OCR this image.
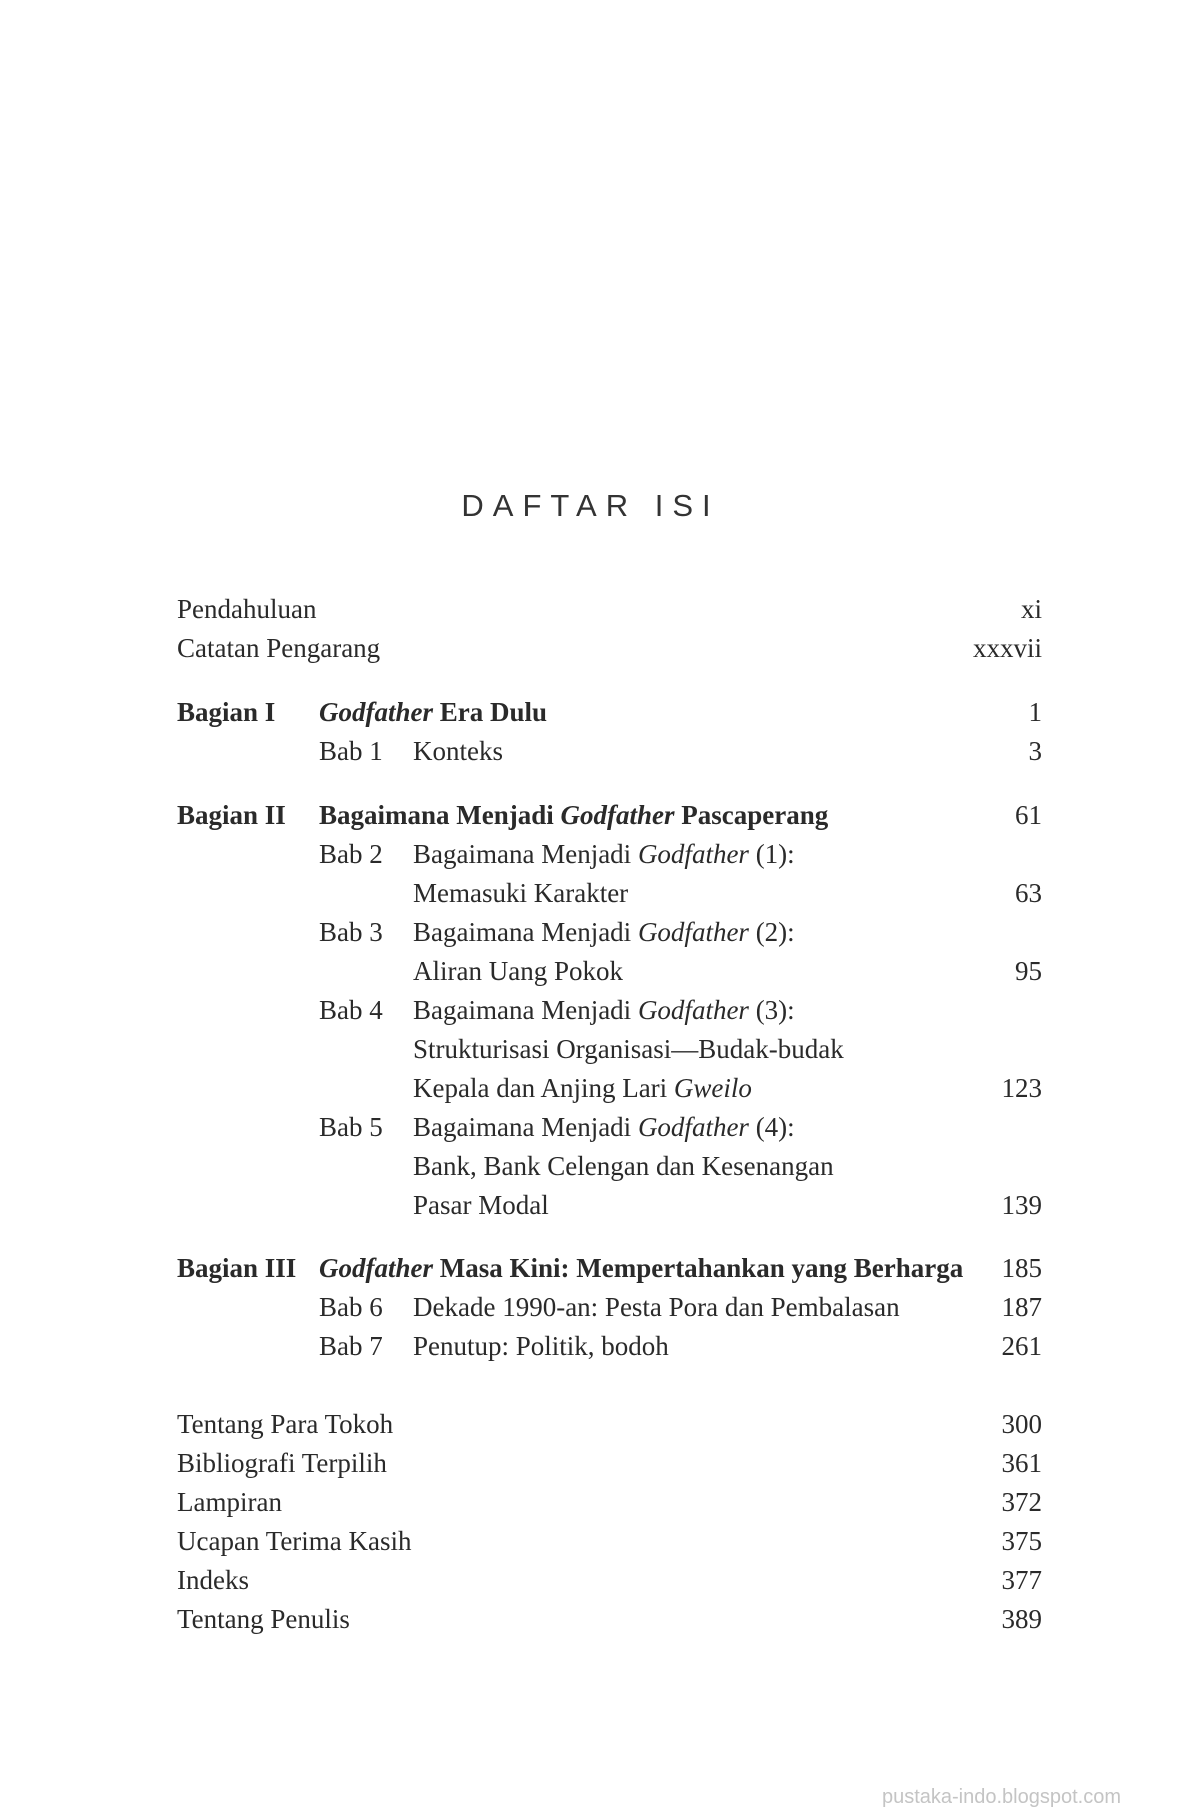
DAFTAR ISI
Pendahuluan	xi
Catatan Pengarang	xxxvii
Bagian I Godfather Era Dulu	1
Bab 1 Konteks	3
Bagian II Bagaimana Menjadi Godfather Pascaperang	61
Bab 2 Bagaimana Menjadi Godfather (1):
Memasuki Karakter	63
Bab 3 Bagaimana Menjadi Godfather (2):
Aliran Uang Pokok	95
Bab 4 Bagaimana Menjadi Godfather (3):
Strukturisasi Organisasi—Budak-budak
Kepala dan Anjing Lari Gweilo	123
Bab 5 Bagaimana Menjadi Godfather (4):
Bank, Bank Celengan dan Kesenangan
Pasar Modal	139
Bagian III Godfather Masa Kini: Mempertahankan yang Berharga 185
Bab 6 Dekade 1990-an: Pesta Pora dan Pembalasan	187
Bab 7 Penutup: Politik, bodoh	261
Tentang Para Tokoh	300
Bibliografi Terpilih	361
Lampiran	372
Ucapan Terima Kasih	375
Indeks	377
Tentang Penulis	389
pustaka-indo.blogspot.com
